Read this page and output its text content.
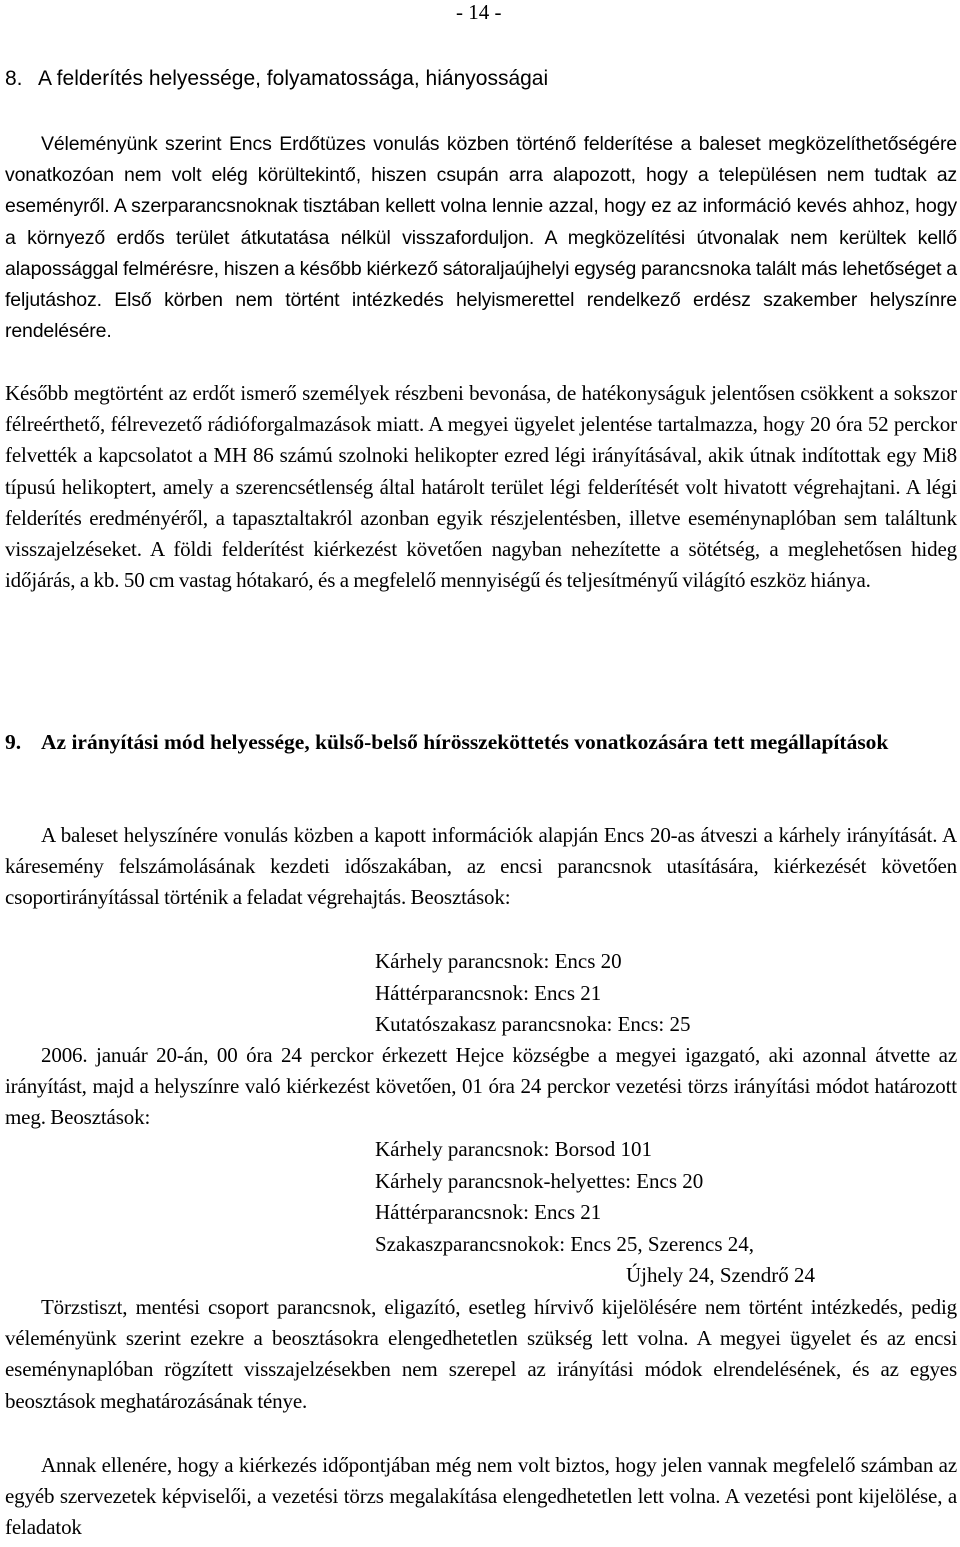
- 14 -
8. A felderítés helyessége, folyamatossága, hiányosságai

Véleményünk szerint Encs Erdőtüzes vonulás közben történő felderítése a baleset megközelíthetőségére vonatkozóan nem volt elég körültekintő, hiszen csupán arra alapozott, hogy a településen nem tudtak az eseményről. A szerparancsnoknak tisztában kellett volna lennie azzal, hogy ez az információ kevés ahhoz, hogy a környező erdős terület átkutatása nélkül visszaforduljon. A megközelítési útvonalak nem kerültek kellő alapossággal felmérésre, hiszen a később kiérkező sátoraljaújhelyi egység parancsnoka talált más lehetőséget a feljutáshoz. Első körben nem történt intézkedés helyismerettel rendelkező erdész szakember helyszínre rendelésére.

Később megtörtént az erdőt ismerő személyek részbeni bevonása, de hatékonyságuk jelentősen csökkent a sokszor félreérthető, félrevezető rádióforgalmazások miatt. A megyei ügyelet jelentése tartalmazza, hogy 20 óra 52 perckor felvették a kapcsolatot a MH 86 számú szolnoki helikopter ezred légi irányításával, akik útnak indítottak egy Mi8 típusú helikoptert, amely a szerencsétlenség által határolt terület légi felderítését volt hivatott végrehajtani. A légi felderítés eredményéről, a tapasztaltakról azonban egyik részjelentésben, illetve eseménynaplóban sem találtunk visszajelzéseket. A földi felderítést kiérkezést követően nagyban nehezítette a sötétség, a meglehetősen hideg időjárás, a kb. 50 cm vastag hótakaró, és a megfelelő mennyiségű és teljesítményű világító eszköz hiánya.

9. Az irányítási mód helyessége, külső-belső hírösszeköttetés vonatkozására tett megállapítások

A baleset helyszínére vonulás közben a kapott információk alapján Encs 20-as átveszi a kárhely irányítását. A káresemény felszámolásának kezdeti időszakában, az encsi parancsnok utasítására, kiérkezését követően csoportirányítással történik a feladat végrehajtás. Beosztások:

Kárhely parancsnok: Encs 20
Háttérparancsnok: Encs 21
Kutatószakasz parancsnoka: Encs: 25

2006. január 20-án, 00 óra 24 perckor érkezett Hejce községbe a megyei igazgató, aki azonnal átvette az irányítást, majd a helyszínre való kiérkezést követően, 01 óra 24 perckor vezetési törzs irányítási módot határozott meg. Beosztások:

Kárhely parancsnok: Borsod 101
Kárhely parancsnok-helyettes: Encs 20
Háttérparancsnok: Encs 21
Szakaszparancsnokok: Encs 25, Szerencs 24,
Újhely 24, Szendrő 24

Törzstiszt, mentési csoport parancsnok, eligazító, esetleg hírvivő kijelölésére nem történt intézkedés, pedig véleményünk szerint ezekre a beosztásokra elengedhetetlen szükség lett volna. A megyei ügyelet és az encsi eseménynaplóban rögzített visszajelzésekben nem szerepel az irányítási módok elrendelésének, és az egyes beosztások meghatározásának ténye.

Annak ellenére, hogy a kiérkezés időpontjában még nem volt biztos, hogy jelen vannak megfelelő számban az egyéb szervezetek képviselői, a vezetési törzs megalakítása elengedhetetlen lett volna. A vezetési pont kijelölése, a feladatok
